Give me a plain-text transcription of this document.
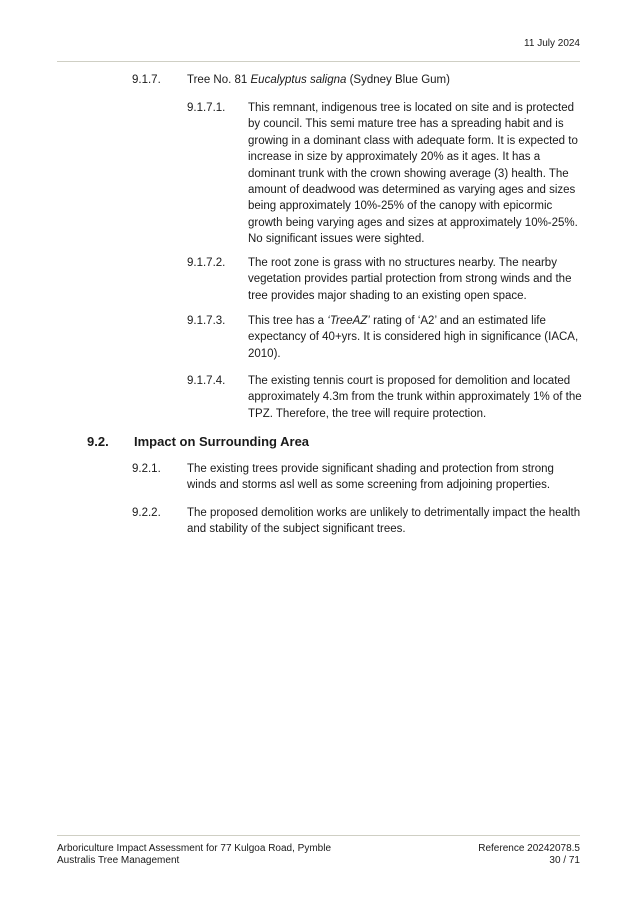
11 July 2024
9.1.7. Tree No. 81 Eucalyptus saligna (Sydney Blue Gum)
9.1.7.1. This remnant, indigenous tree is located on site and is protected by council. This semi mature tree has a spreading habit and is growing in a dominant class with adequate form. It is expected to increase in size by approximately 20% as it ages. It has a dominant trunk with the crown showing average (3) health. The amount of deadwood was determined as varying ages and sizes being approximately 10%-25% of the canopy with epicormic growth being varying ages and sizes at approximately 10%-25%. No significant issues were sighted.
9.1.7.2. The root zone is grass with no structures nearby. The nearby vegetation provides partial protection from strong winds and the tree provides major shading to an existing open space.
9.1.7.3. This tree has a ‘TreeAZ’ rating of ‘A2’ and an estimated life expectancy of 40+yrs. It is considered high in significance (IACA, 2010).
9.1.7.4. The existing tennis court is proposed for demolition and located approximately 4.3m from the trunk within approximately 1% of the TPZ. Therefore, the tree will require protection.
9.2. Impact on Surrounding Area
9.2.1. The existing trees provide significant shading and protection from strong winds and storms asl well as some screening from adjoining properties.
9.2.2. The proposed demolition works are unlikely to detrimentally impact the health and stability of the subject significant trees.
Arboriculture Impact Assessment for 77 Kulgoa Road, Pymble
Australis Tree Management
Reference 20242078.5
30 / 71
